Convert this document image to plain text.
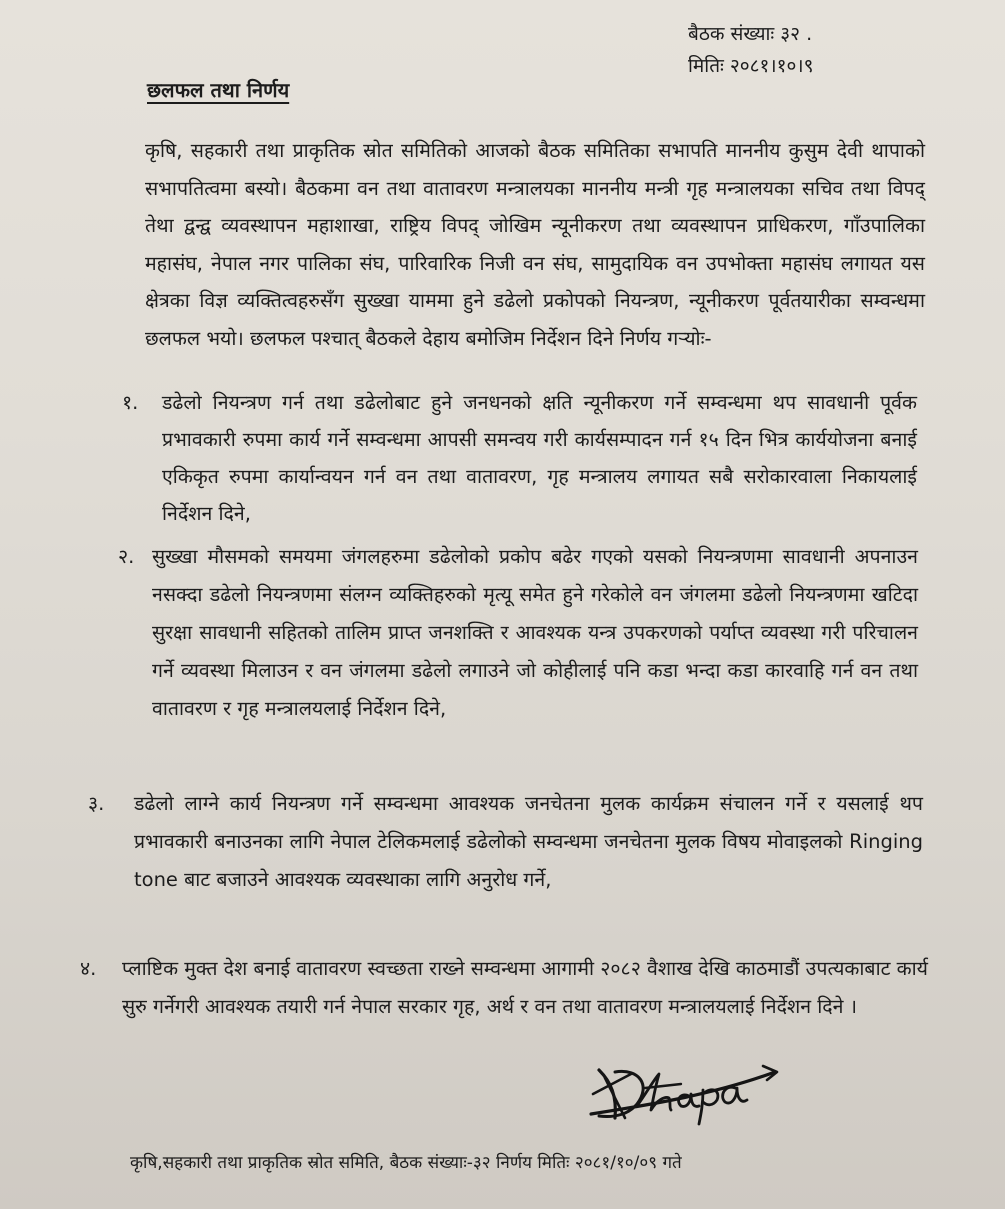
बैठक संख्याः ३२ .
मितिः २०८१।१०।९
छलफल तथा निर्णय
कृषि, सहकारी तथा प्राकृतिक स्रोत समितिको आजको बैठक समितिका सभापति माननीय कुसुम देवी थापाको सभापतित्वमा बस्यो। बैठकमा वन तथा वातावरण मन्त्रालयका माननीय मन्त्री गृह मन्त्रालयका सचिव तथा विपद् तेथा द्वन्द्व व्यवस्थापन महाशाखा, राष्ट्रिय विपद् जोखिम न्यूनीकरण तथा व्यवस्थापन प्राधिकरण, गाँउपालिका महासंघ, नेपाल नगर पालिका संघ, पारिवारिक निजी वन संघ, सामुदायिक वन उपभोक्ता महासंघ लगायत यस क्षेत्रका विज्ञ व्यक्तित्वहरुसँग सुख्खा याममा हुने डढेलो प्रकोपको नियन्त्रण, न्यूनीकरण पूर्वतयारीका सम्वन्धमा छलफल भयो। छलफल पश्चात् बैठकले देहाय बमोजिम निर्देशन दिने निर्णय गर्‍योः-
१.	डढेलो नियन्त्रण गर्न तथा डढेलोबाट हुने जनधनको क्षति न्यूनीकरण गर्ने सम्वन्धमा थप सावधानी पूर्वक प्रभावकारी रुपमा कार्य गर्ने सम्वन्धमा आपसी समन्वय गरी कार्यसम्पादन गर्न १५ दिन भित्र कार्ययोजना बनाई एकिकृत रुपमा कार्यान्वयन गर्न वन तथा वातावरण, गृह मन्त्रालय लगायत सबै सरोकारवाला निकायलाई निर्देशन दिने,
२. सुख्खा मौसमको समयमा जंगलहरुमा डढेलोको प्रकोप बढेर गएको यसको नियन्त्रणमा सावधानी अपनाउन नसक्दा डढेलो नियन्त्रणमा संलग्न व्यक्तिहरुको मृत्यू समेत हुने गरेकोले वन जंगलमा डढेलो नियन्त्रणमा खटिदा सुरक्षा सावधानी सहितको तालिम प्राप्त जनशक्ति र आवश्यक यन्त्र उपकरणको पर्याप्त व्यवस्था गरी परिचालन गर्ने व्यवस्था मिलाउन र वन जंगलमा डढेलो लगाउने जो कोहीलाई पनि कडा भन्दा कडा कारवाहि गर्न वन तथा वातावरण र गृह मन्त्रालयलाई निर्देशन दिने,
३.	डढेलो लाग्ने कार्य नियन्त्रण गर्ने सम्वन्धमा आवश्यक जनचेतना मुलक कार्यक्रम संचालन गर्ने र यसलाई थप प्रभावकारी बनाउनका लागि नेपाल टेलिकमलाई डढेलोको सम्वन्धमा जनचेतना मुलक विषय मोवाइलको Ringing tone बाट बजाउने आवश्यक व्यवस्थाका लागि अनुरोध गर्ने,
४.	प्लाष्टिक मुक्त देश बनाई वातावरण स्वच्छता राख्ने सम्वन्धमा आगामी २०८२ वैशाख देखि काठमाडौं उपत्यकाबाट कार्य सुरु गर्नेगरी आवश्यक तयारी गर्न नेपाल सरकार गृह, अर्थ र वन तथा वातावरण मन्त्रालयलाई निर्देशन दिने ।
कृषि,सहकारी तथा प्राकृतिक स्रोत समिति, बैठक संख्याः-३२ निर्णय मितिः २०८१/१०/०९ गते
